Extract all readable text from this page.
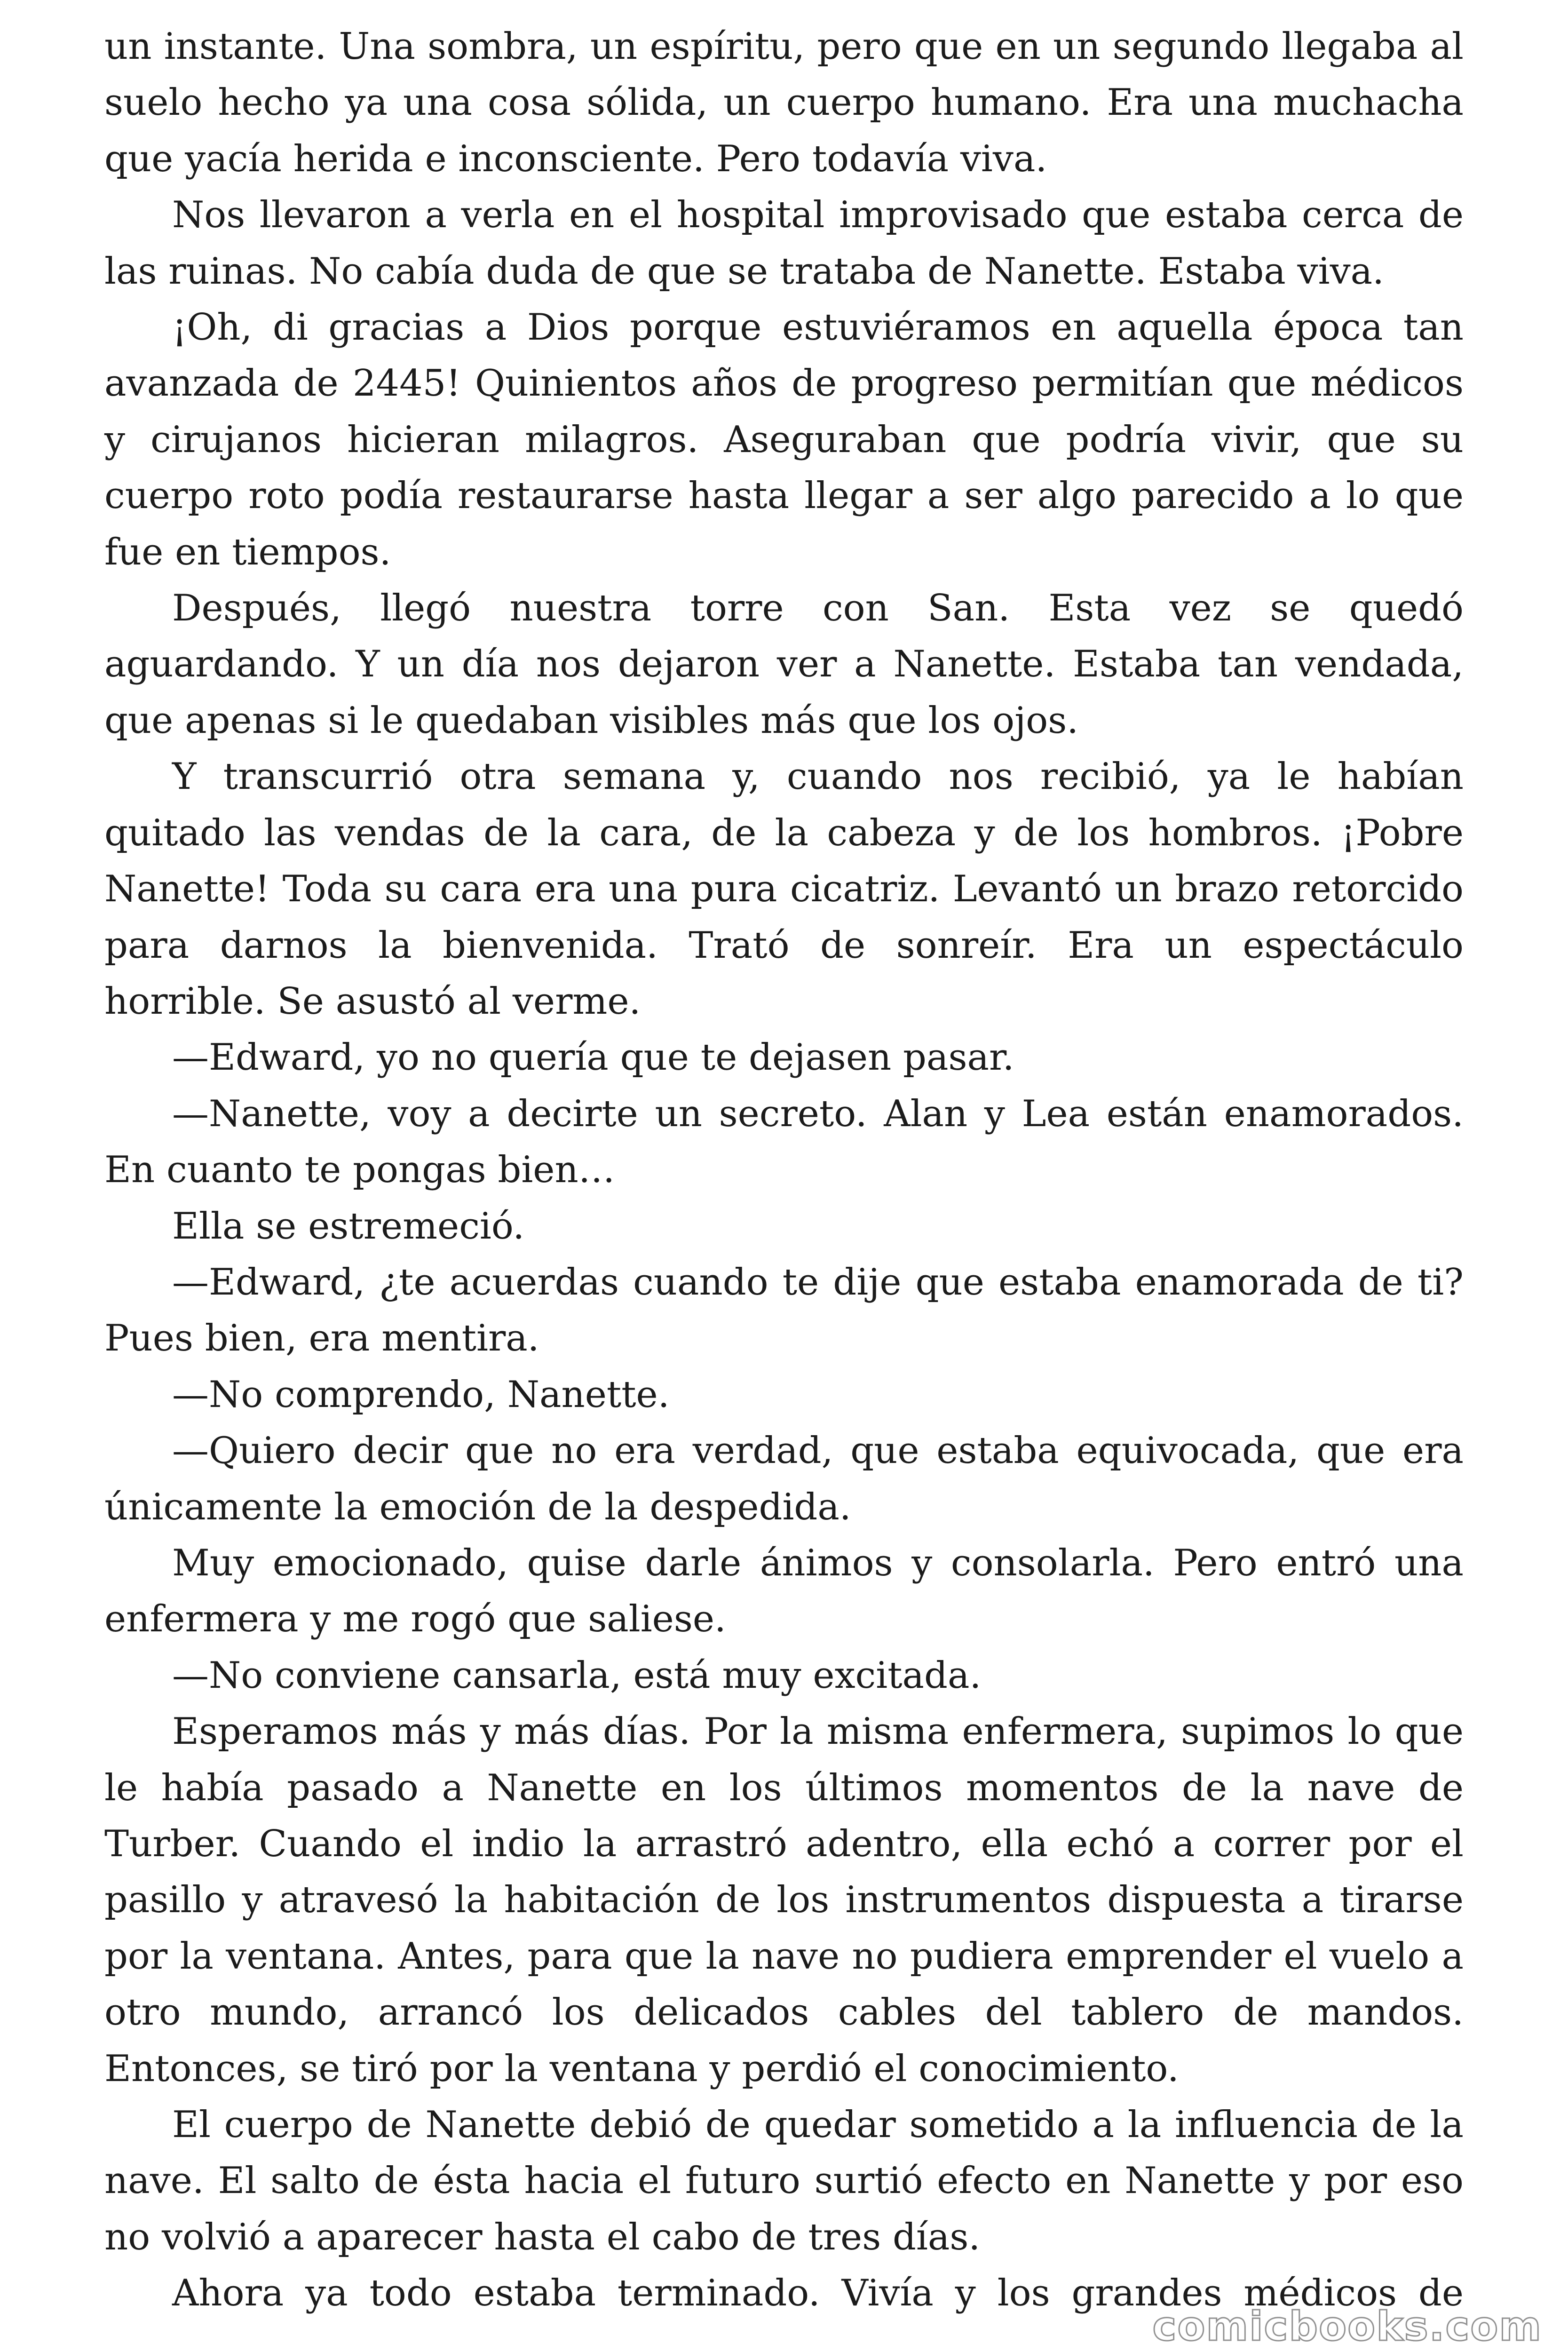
un instante. Una sombra, un espíritu, pero que en un segundo llegaba al suelo hecho ya una cosa sólida, un cuerpo humano. Era una muchacha que yacía herida e inconsciente. Pero todavía viva.

Nos llevaron a verla en el hospital improvisado que estaba cerca de las ruinas. No cabía duda de que se trataba de Nanette. Estaba viva.

¡Oh, di gracias a Dios porque estuviéramos en aquella época tan avanzada de 2445! Quinientos años de progreso permitían que médicos y cirujanos hicieran milagros. Aseguraban que podría vivir, que su cuerpo roto podía restaurarse hasta llegar a ser algo parecido a lo que fue en tiempos.

Después, llegó nuestra torre con San. Esta vez se quedó aguardando. Y un día nos dejaron ver a Nanette. Estaba tan vendada, que apenas si le quedaban visibles más que los ojos.

Y transcurrió otra semana y, cuando nos recibió, ya le habían quitado las vendas de la cara, de la cabeza y de los hombros. ¡Pobre Nanette! Toda su cara era una pura cicatriz. Levantó un brazo retorcido para darnos la bienvenida. Trató de sonreír. Era un espectáculo horrible. Se asustó al verme.

—Edward, yo no quería que te dejasen pasar.

—Nanette, voy a decirte un secreto. Alan y Lea están enamorados. En cuanto te pongas bien…

Ella se estremeció.

—Edward, ¿te acuerdas cuando te dije que estaba enamorada de ti? Pues bien, era mentira.

—No comprendo, Nanette.

—Quiero decir que no era verdad, que estaba equivocada, que era únicamente la emoción de la despedida.

Muy emocionado, quise darle ánimos y consolarla. Pero entró una enfermera y me rogó que saliese.

—No conviene cansarla, está muy excitada.

Esperamos más y más días. Por la misma enfermera, supimos lo que le había pasado a Nanette en los últimos momentos de la nave de Turber. Cuando el indio la arrastró adentro, ella echó a correr por el pasillo y atravesó la habitación de los instrumentos dispuesta a tirarse por la ventana. Antes, para que la nave no pudiera emprender el vuelo a otro mundo, arrancó los delicados cables del tablero de mandos. Entonces, se tiró por la ventana y perdió el conocimiento.

El cuerpo de Nanette debió de quedar sometido a la influencia de la nave. El salto de ésta hacia el futuro surtió efecto en Nanette y por eso no volvió a aparecer hasta el cabo de tres días.

Ahora ya todo estaba terminado. Vivía y los grandes médicos de

comicbooks.com
